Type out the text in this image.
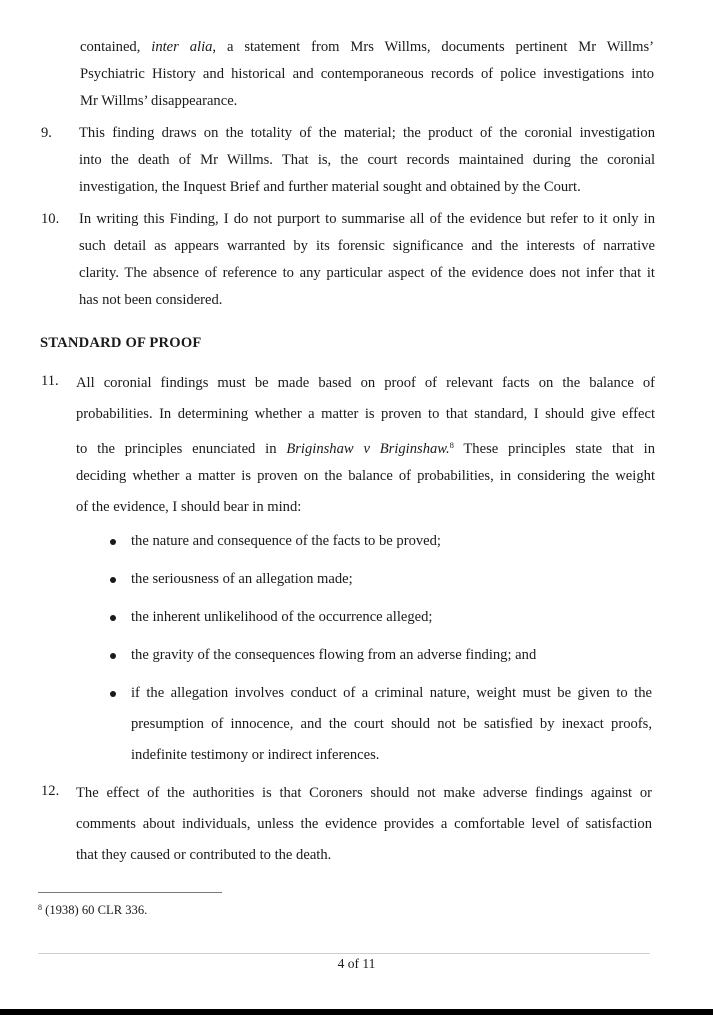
contained, inter alia, a statement from Mrs Willms, documents pertinent Mr Willms’
Psychiatric History and historical and contemporaneous records of police investigations into
Mr Willms’ disappearance.
9. This finding draws on the totality of the material; the product of the coronial investigation
into the death of Mr Willms. That is, the court records maintained during the coronial
investigation, the Inquest Brief and further material sought and obtained by the Court.
10. In writing this Finding, I do not purport to summarise all of the evidence but refer to it only in
such detail as appears warranted by its forensic significance and the interests of narrative
clarity. The absence of reference to any particular aspect of the evidence does not infer that it
has not been considered.
STANDARD OF PROOF
11. All coronial findings must be made based on proof of relevant facts on the balance of
probabilities. In determining whether a matter is proven to that standard, I should give effect
to the principles enunciated in Briginshaw v Briginshaw.$^8$ These principles state that in
deciding whether a matter is proven on the balance of probabilities, in considering the weight
of the evidence, I should bear in mind:
the nature and consequence of the facts to be proved;
the seriousness of an allegation made;
the inherent unlikelihood of the occurrence alleged;
the gravity of the consequences flowing from an adverse finding; and
if the allegation involves conduct of a criminal nature, weight must be given to the
presumption of innocence, and the court should not be satisfied by inexact proofs,
indefinite testimony or indirect inferences.
12. The effect of the authorities is that Coroners should not make adverse findings against or
comments about individuals, unless the evidence provides a comfortable level of satisfaction
that they caused or contributed to the death.
$^8$ (1938) 60 CLR 336.
4 of 11
